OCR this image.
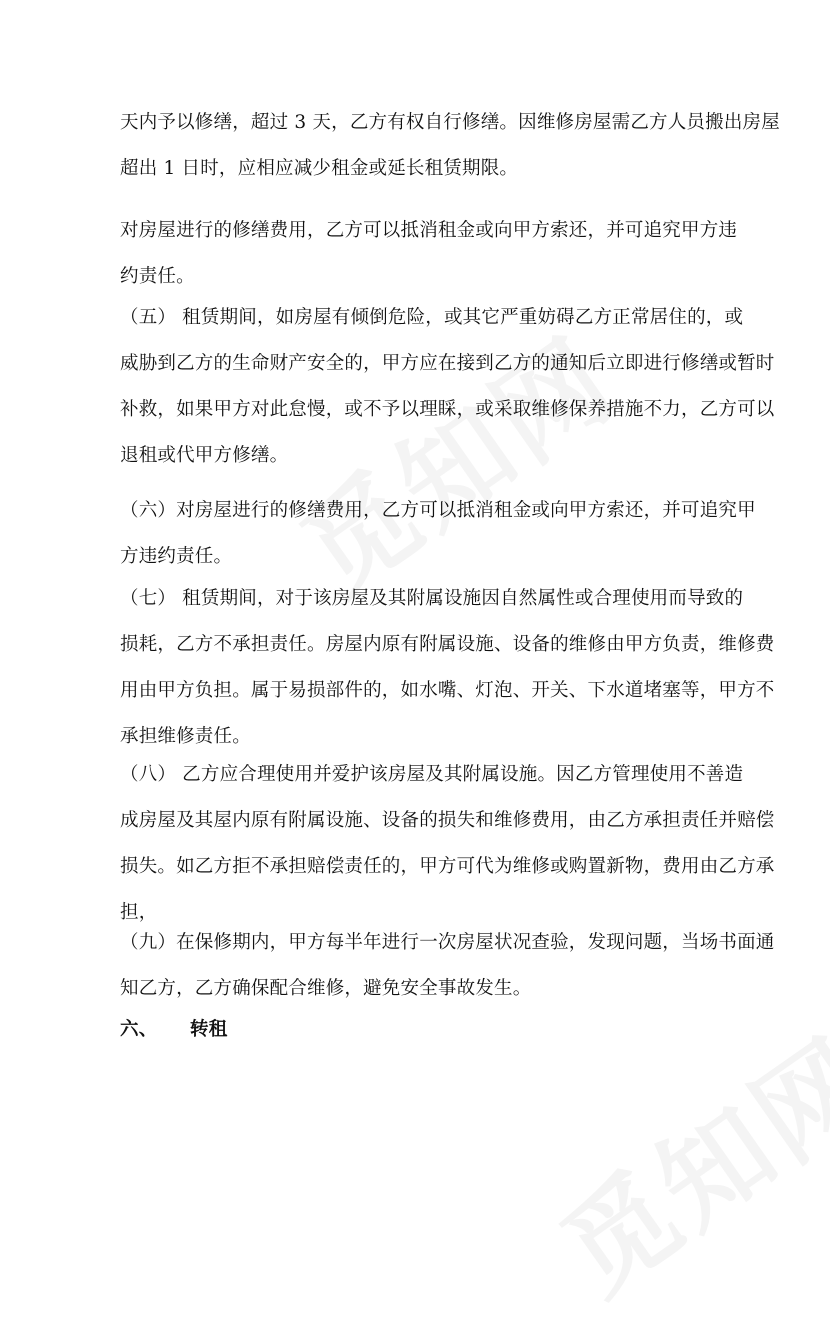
天内予以修缮，超过 3 天，乙方有权自行修缮。因维修房屋需乙方人员搬出房屋
超出 1 日时，应相应减少租金或延长租赁期限。
对房屋进行的修缮费用，乙方可以抵消租金或向甲方索还，并可追究甲方违
约责任。
（五） 租赁期间，如房屋有倾倒危险，或其它严重妨碍乙方正常居住的，或
威胁到乙方的生命财产安全的，甲方应在接到乙方的通知后立即进行修缮或暂时
补救，如果甲方对此怠慢，或不予以理睬，或采取维修保养措施不力，乙方可以
退租或代甲方修缮。
（六）对房屋进行的修缮费用，乙方可以抵消租金或向甲方索还，并可追究甲
方违约责任。
（七） 租赁期间，对于该房屋及其附属设施因自然属性或合理使用而导致的
损耗，乙方不承担责任。房屋内原有附属设施、设备的维修由甲方负责，维修费
用由甲方负担。属于易损部件的，如水嘴、灯泡、开关、下水道堵塞等，甲方不
承担维修责任。
（八） 乙方应合理使用并爱护该房屋及其附属设施。因乙方管理使用不善造
成房屋及其屋内原有附属设施、设备的损失和维修费用，由乙方承担责任并赔偿
损失。如乙方拒不承担赔偿责任的，甲方可代为维修或购置新物，费用由乙方承
担，
（九）在保修期内，甲方每半年进行一次房屋状况查验，发现问题，当场书面通
知乙方，乙方确保配合维修，避免安全事故发生。
六、 转租
